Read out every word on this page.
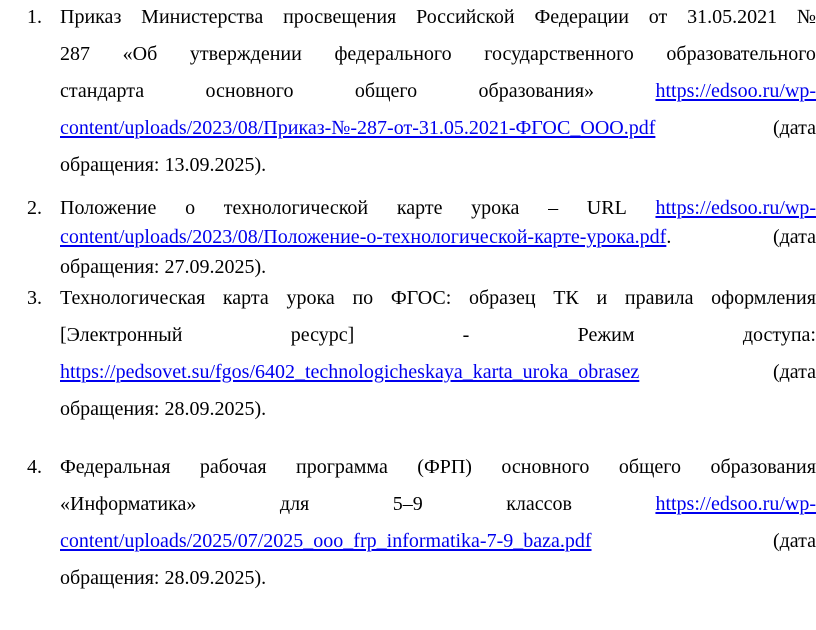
1. Приказ Министерства просвещения Российской Федерации от 31.05.2021 №
287 «Об утверждении федерального государственного образовательного
стандарта	основного	общего	образования»	https://edsoo.ru/wp-
content/uploads/2023/08/Приказ-№-287-от-31.05.2021-ФГОС_ООО.pdf	(дата
обращения: 13.09.2025).
2. Положение о технологической карте урока – URL https://edsoo.ru/wp-
content/uploads/2023/08/Положение-о-технологической-карте-урока.pdf.	(дата
обращения: 27.09.2025).
3. Технологическая карта урока по ФГОС: образец ТК и правила оформления
[Электронный	ресурс]	-	Режим	доступа:
https://pedsovet.su/fgos/6402_technologicheskaya_karta_uroka_obrasez	(дата
обращения: 28.09.2025).
4. Федеральная рабочая программа (ФРП) основного общего образования
«Информатика»	для	5–9	классов	https://edsoo.ru/wp-
content/uploads/2025/07/2025_ooo_frp_informatika-7-9_baza.pdf	(дата
обращения: 28.09.2025).
